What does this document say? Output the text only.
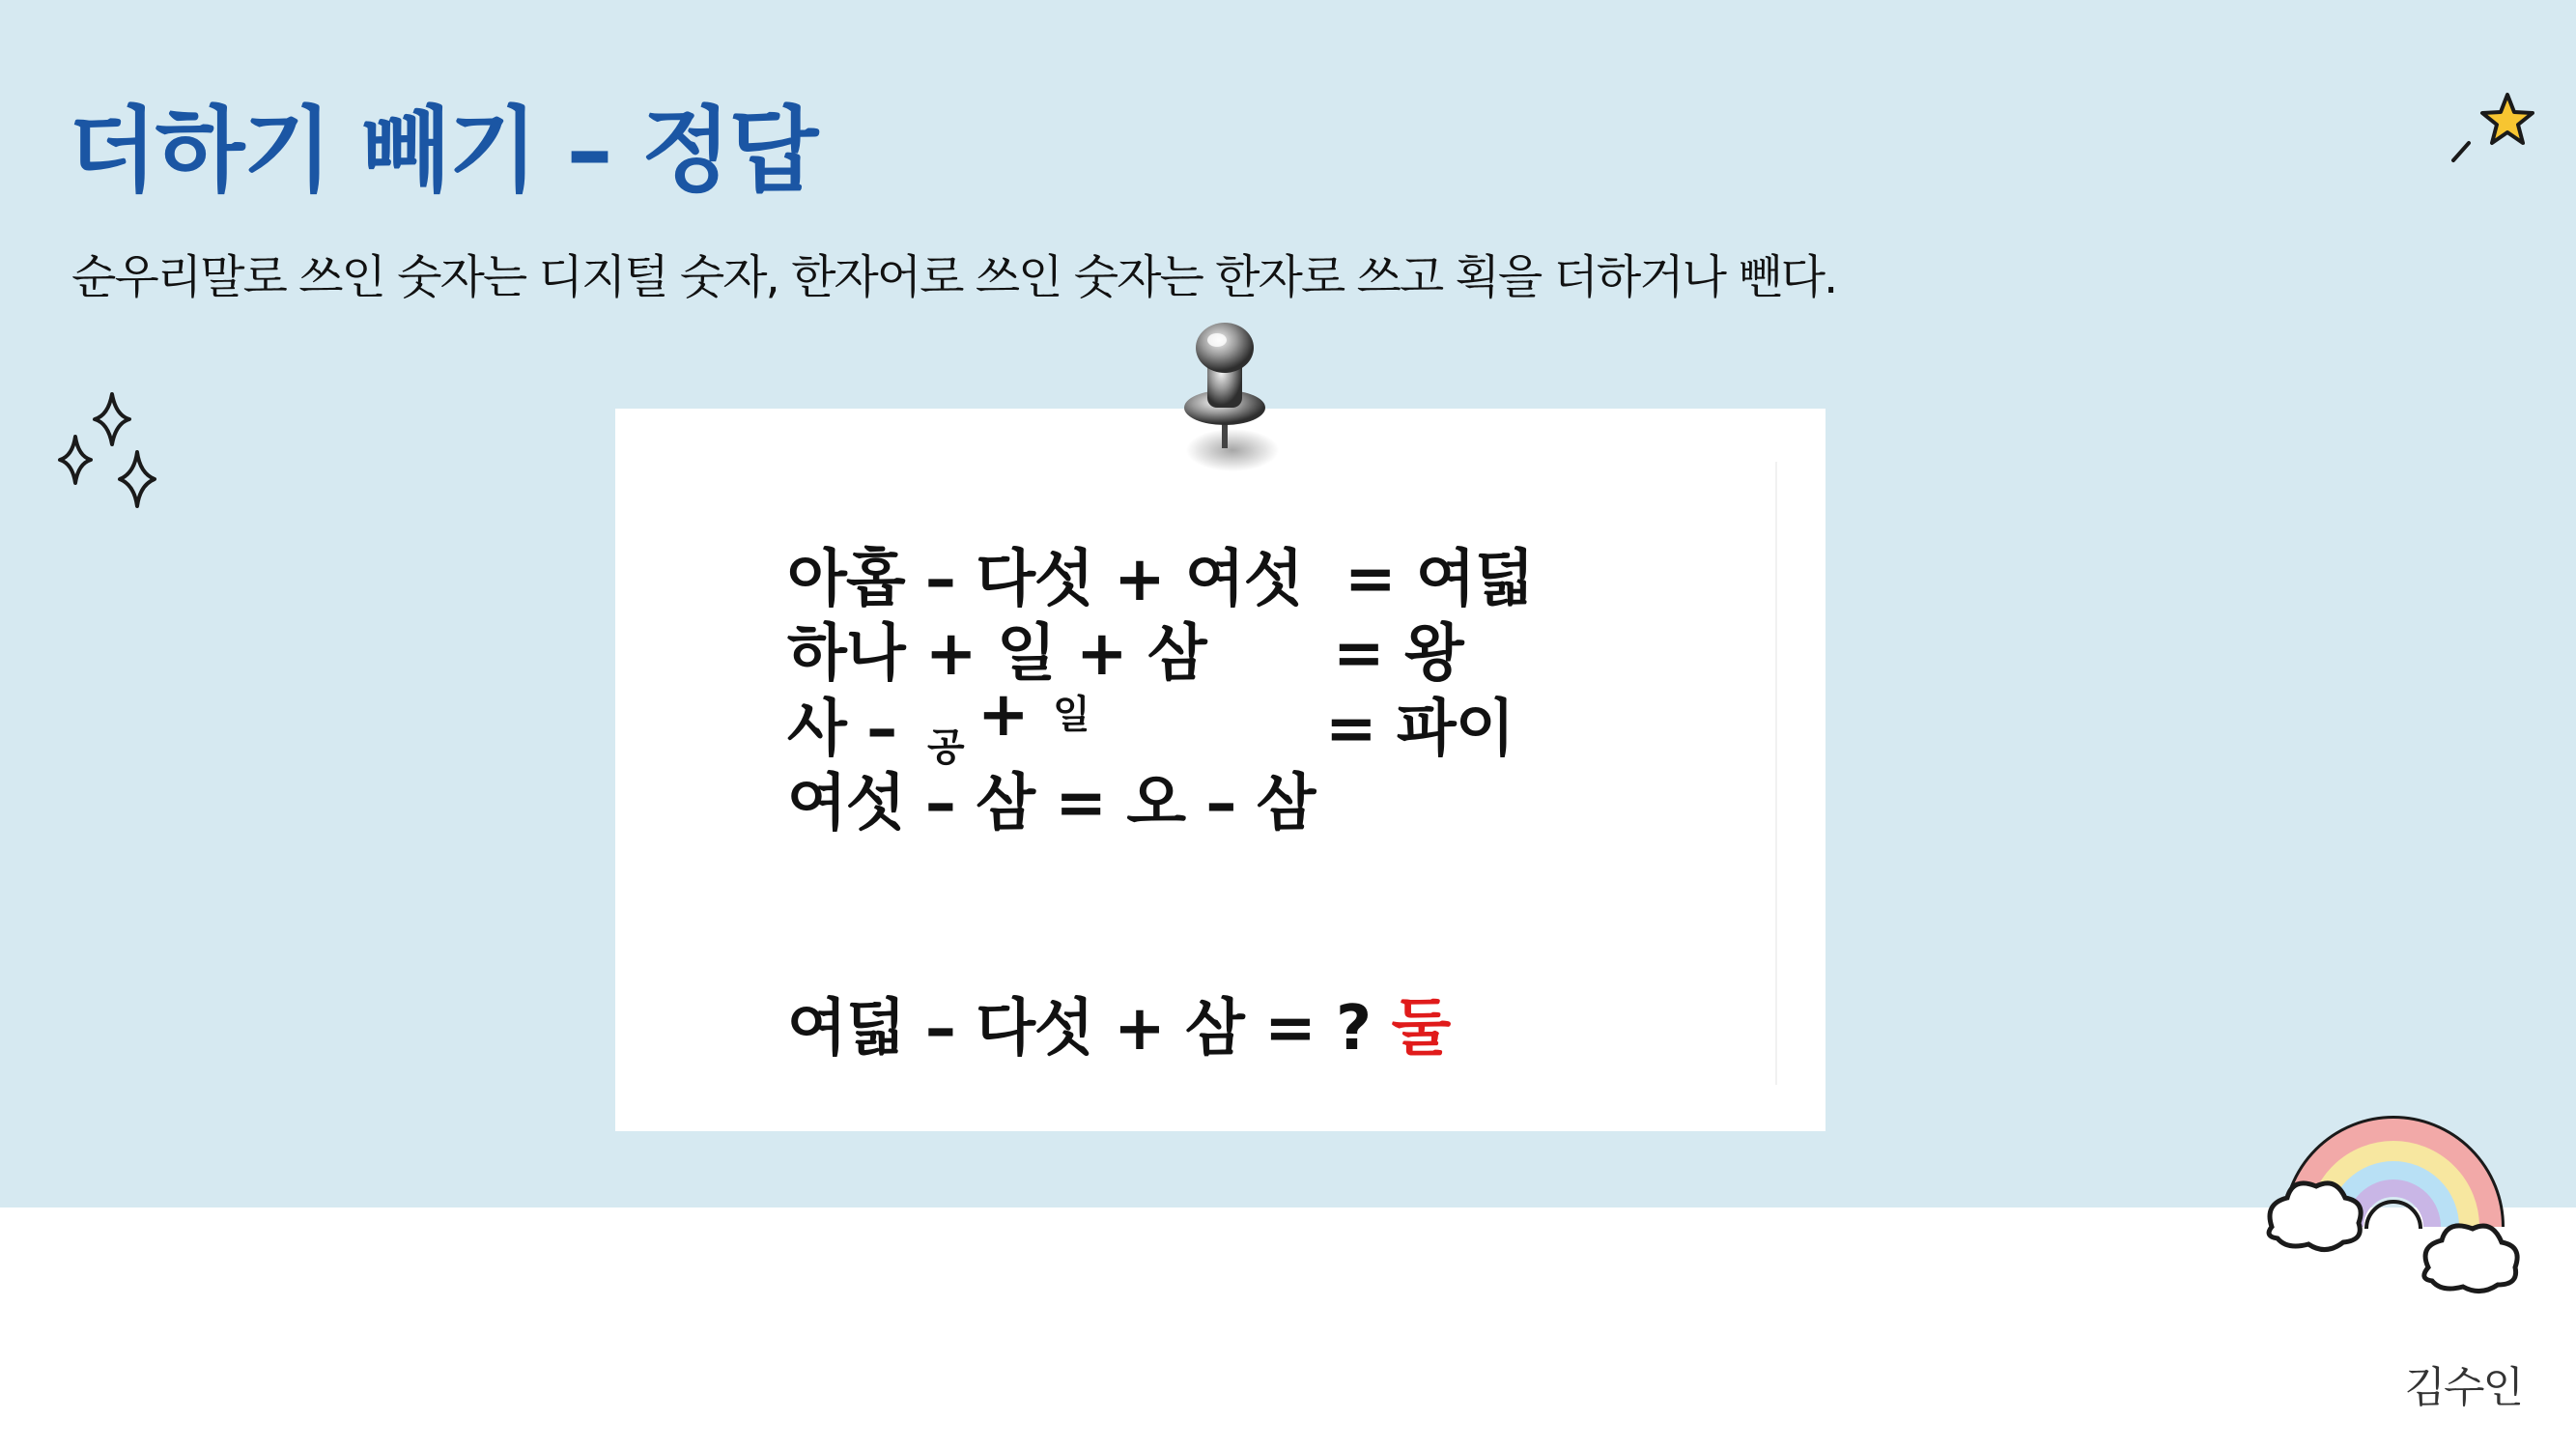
더하기 빼기 – 정답
순우리말로 쓰인 숫자는 디지털 숫자, 한자어로 쓰인 숫자는 한자로 쓰고 획을 더하거나 뺀다.
아홉 – 다섯 + 여섯 = 여덟
하나 + 일 + 삼 = 왕
사 – 공 + 일	= 파이
여섯 – 삼 = 오 – 삼
여덟 – 다섯 + 삼 = ? 둘
김수인
